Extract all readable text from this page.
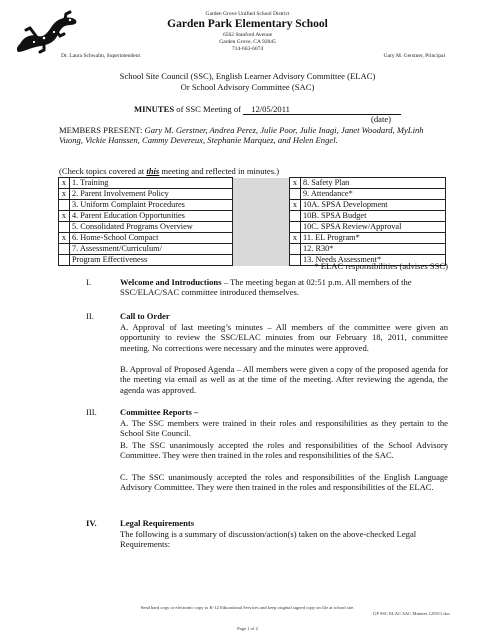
Garden Grove Unified School District
Garden Park Elementary School
6562 Stanford Avenue
Garden Grove, CA 92845
714-663-6074
Dr. Laura Schwalm, Superintendent	Gary M. Gerstner, Principal
School Site Council (SSC), English Learner Advisory Committee (ELAC)
Or School Advisory Committee (SAC)
MINUTES of SSC Meeting of 12/05/2011
(date)
MEMBERS PRESENT: Gary M. Gerstner, Andrea Perez, Julie Poor, Julie Inagi, Janet Woodard, MyLinh Vuong, Vickie Hanssen, Cammy Devereux, Stephanie Marquez, and Helen Engel.
(Check topics covered at this meeting and reflected in minutes.)
x	1. Training		x	8. Safety Plan
x	2. Parent Involvement Policy			9. Attendance*
	3. Uniform Complaint Procedures		x	10A. SPSA Development
x	4. Parent Education Opportunities			10B. SPSA Budget
	5. Consolidated Programs Overview			10C. SPSA Review/Approval
x	6. Home-School Compact		x	11. EL Program*
	7. Assessment/Curriculum/			12. R30*
	Program Effectiveness			13. Needs Assessment*
* ELAC responsibilities (advises SSC)
I.	Welcome and Introductions – The meeting began at 02:51 p.m. All members of the SSC/ELAC/SAC committee introduced themselves.
II.	Call to Order
A. Approval of last meeting’s minutes – All members of the committee were given an opportunity to review the SSC/ELAC minutes from our February 18, 2011, committee meeting. No corrections were necessary and the minutes were approved.
B. Approval of Proposed Agenda – All members were given a copy of the proposed agenda for the meeting via email as well as at the time of the meeting. After reviewing the agenda, the agenda was approved.
III.	Committee Reports –
A. The SSC members were trained in their roles and responsibilities as they pertain to the School Site Council.
B. The SSC unanimously accepted the roles and responsibilities of the School Advisory Committee. They were then trained in the roles and responsibilities of the SAC.
C. The SSC unanimously accepted the roles and responsibilities of the English Language Advisory Committee. They were then trained in the roles and responsibilities of the ELAC.
IV.	Legal Requirements
The following is a summary of discussion/action(s) taken on the above-checked Legal Requirements:
Send hard copy or electronic copy to K-12 Educational Services and keep original signed copy on file at school site.
GP SSC ELAC SAC Minutes 120511.doc
Page 1 of 2
